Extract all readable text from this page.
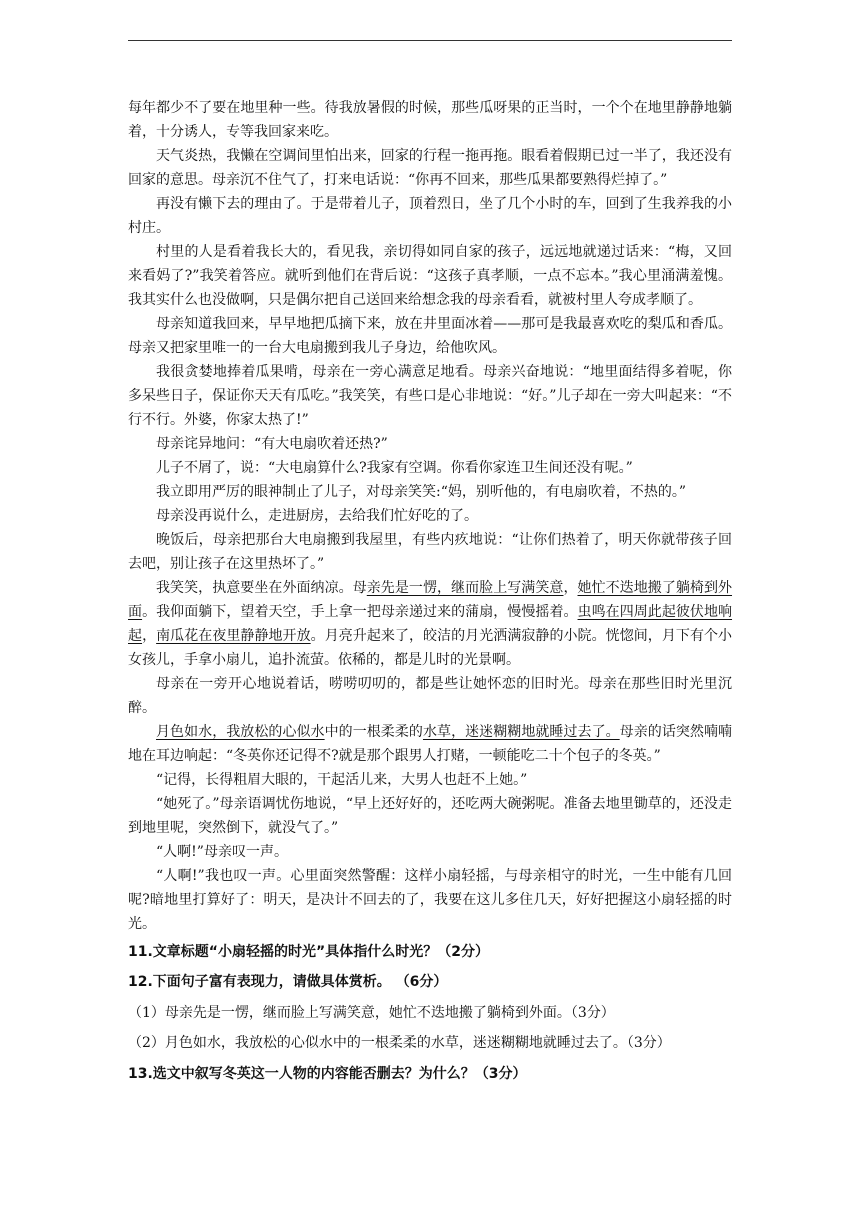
每年都少不了要在地里种一些。待我放暑假的时候，那些瓜呀果的正当时，一个个在地里静静地躺着，十分诱人，专等我回家来吃。

天气炎热，我懒在空调间里怕出来，回家的行程一拖再拖。眼看着假期已过一半了，我还没有回家的意思。母亲沉不住气了，打来电话说：“你再不回来，那些瓜果都要熟得烂掉了。”

再没有懒下去的理由了。于是带着儿子，顶着烈日，坐了几个小时的车，回到了生我养我的小村庄。

村里的人是看着我长大的，看见我，亲切得如同自家的孩子，远远地就递过话来：“梅，又回来看妈了?”我笑着答应。就听到他们在背后说：“这孩子真孝顺，一点不忘本。”我心里涌满羞愧。我其实什么也没做啊，只是偶尔把自己送回来给想念我的母亲看看，就被村里人夸成孝顺了。

母亲知道我回来，早早地把瓜摘下来，放在井里面冰着——那可是我最喜欢吃的梨瓜和香瓜。母亲又把家里唯一的一台大电扇搬到我儿子身边，给他吹风。

我很贪婪地捧着瓜果啃，母亲在一旁心满意足地看。母亲兴奋地说：“地里面结得多着呢，你多呆些日子，保证你天天有瓜吃。”我笑笑，有些口是心非地说：“好。”儿子却在一旁大叫起来：“不行不行。外婆，你家太热了!”

母亲诧异地问：“有大电扇吹着还热?”

儿子不屑了，说：“大电扇算什么?我家有空调。你看你家连卫生间还没有呢。”

我立即用严厉的眼神制止了儿子，对母亲笑笑:“妈，别听他的，有电扇吹着，不热的。”

母亲没再说什么，走进厨房，去给我们忙好吃的了。

晚饭后，母亲把那台大电扇搬到我屋里，有些内疚地说：“让你们热着了，明天你就带孩子回去吧，别让孩子在这里热坏了。”

我笑笑，执意要坐在外面纳凉。母亲先是一愣，继而脸上写满笑意，她忙不迭地搬了躺椅到外面。我仰面躺下，望着天空，手上拿一把母亲递过来的蒲扇，慢慢摇着。虫鸣在四周此起彼伏地响起，南瓜花在夜里静静地开放。月亮升起来了，皎洁的月光洒满寂静的小院。恍惚间，月下有个小女孩儿，手拿小扇儿，追扑流萤。依稀的，都是儿时的光景啊。

母亲在一旁开心地说着话，唠唠叨叨的，都是些让她怀恋的旧时光。母亲在那些旧时光里沉醉。

月色如水，我放松的心似水中的一根柔柔的水草，迷迷糊糊地就睡过去了。母亲的话突然喃喃地在耳边响起：“冬英你还记得不?就是那个跟男人打赌，一顿能吃二十个包子的冬英。”

“记得，长得粗眉大眼的，干起活儿来，大男人也赶不上她。”

“她死了。”母亲语调忧伤地说，“早上还好好的，还吃两大碗粥呢。准备去地里锄草的，还没走到地里呢，突然倒下，就没气了。”

“人啊!”母亲叹一声。

“人啊!”我也叹一声。心里面突然警醒：这样小扇轻摇，与母亲相守的时光，一生中能有几回呢?暗地里打算好了：明天，是决计不回去的了，我要在这儿多住几天，好好把握这小扇轻摇的时光。

11.文章标题“小扇轻摇的时光”具体指什么时光？（2分）

12.下面句子富有表现力，请做具体赏析。 （6分）

（1）母亲先是一愣，继而脸上写满笑意，她忙不迭地搬了躺椅到外面。（3分）

（2）月色如水，我放松的心似水中的一根柔柔的水草，迷迷糊糊地就睡过去了。（3分）

13.选文中叙写冬英这一人物的内容能否删去？为什么？（3分）
